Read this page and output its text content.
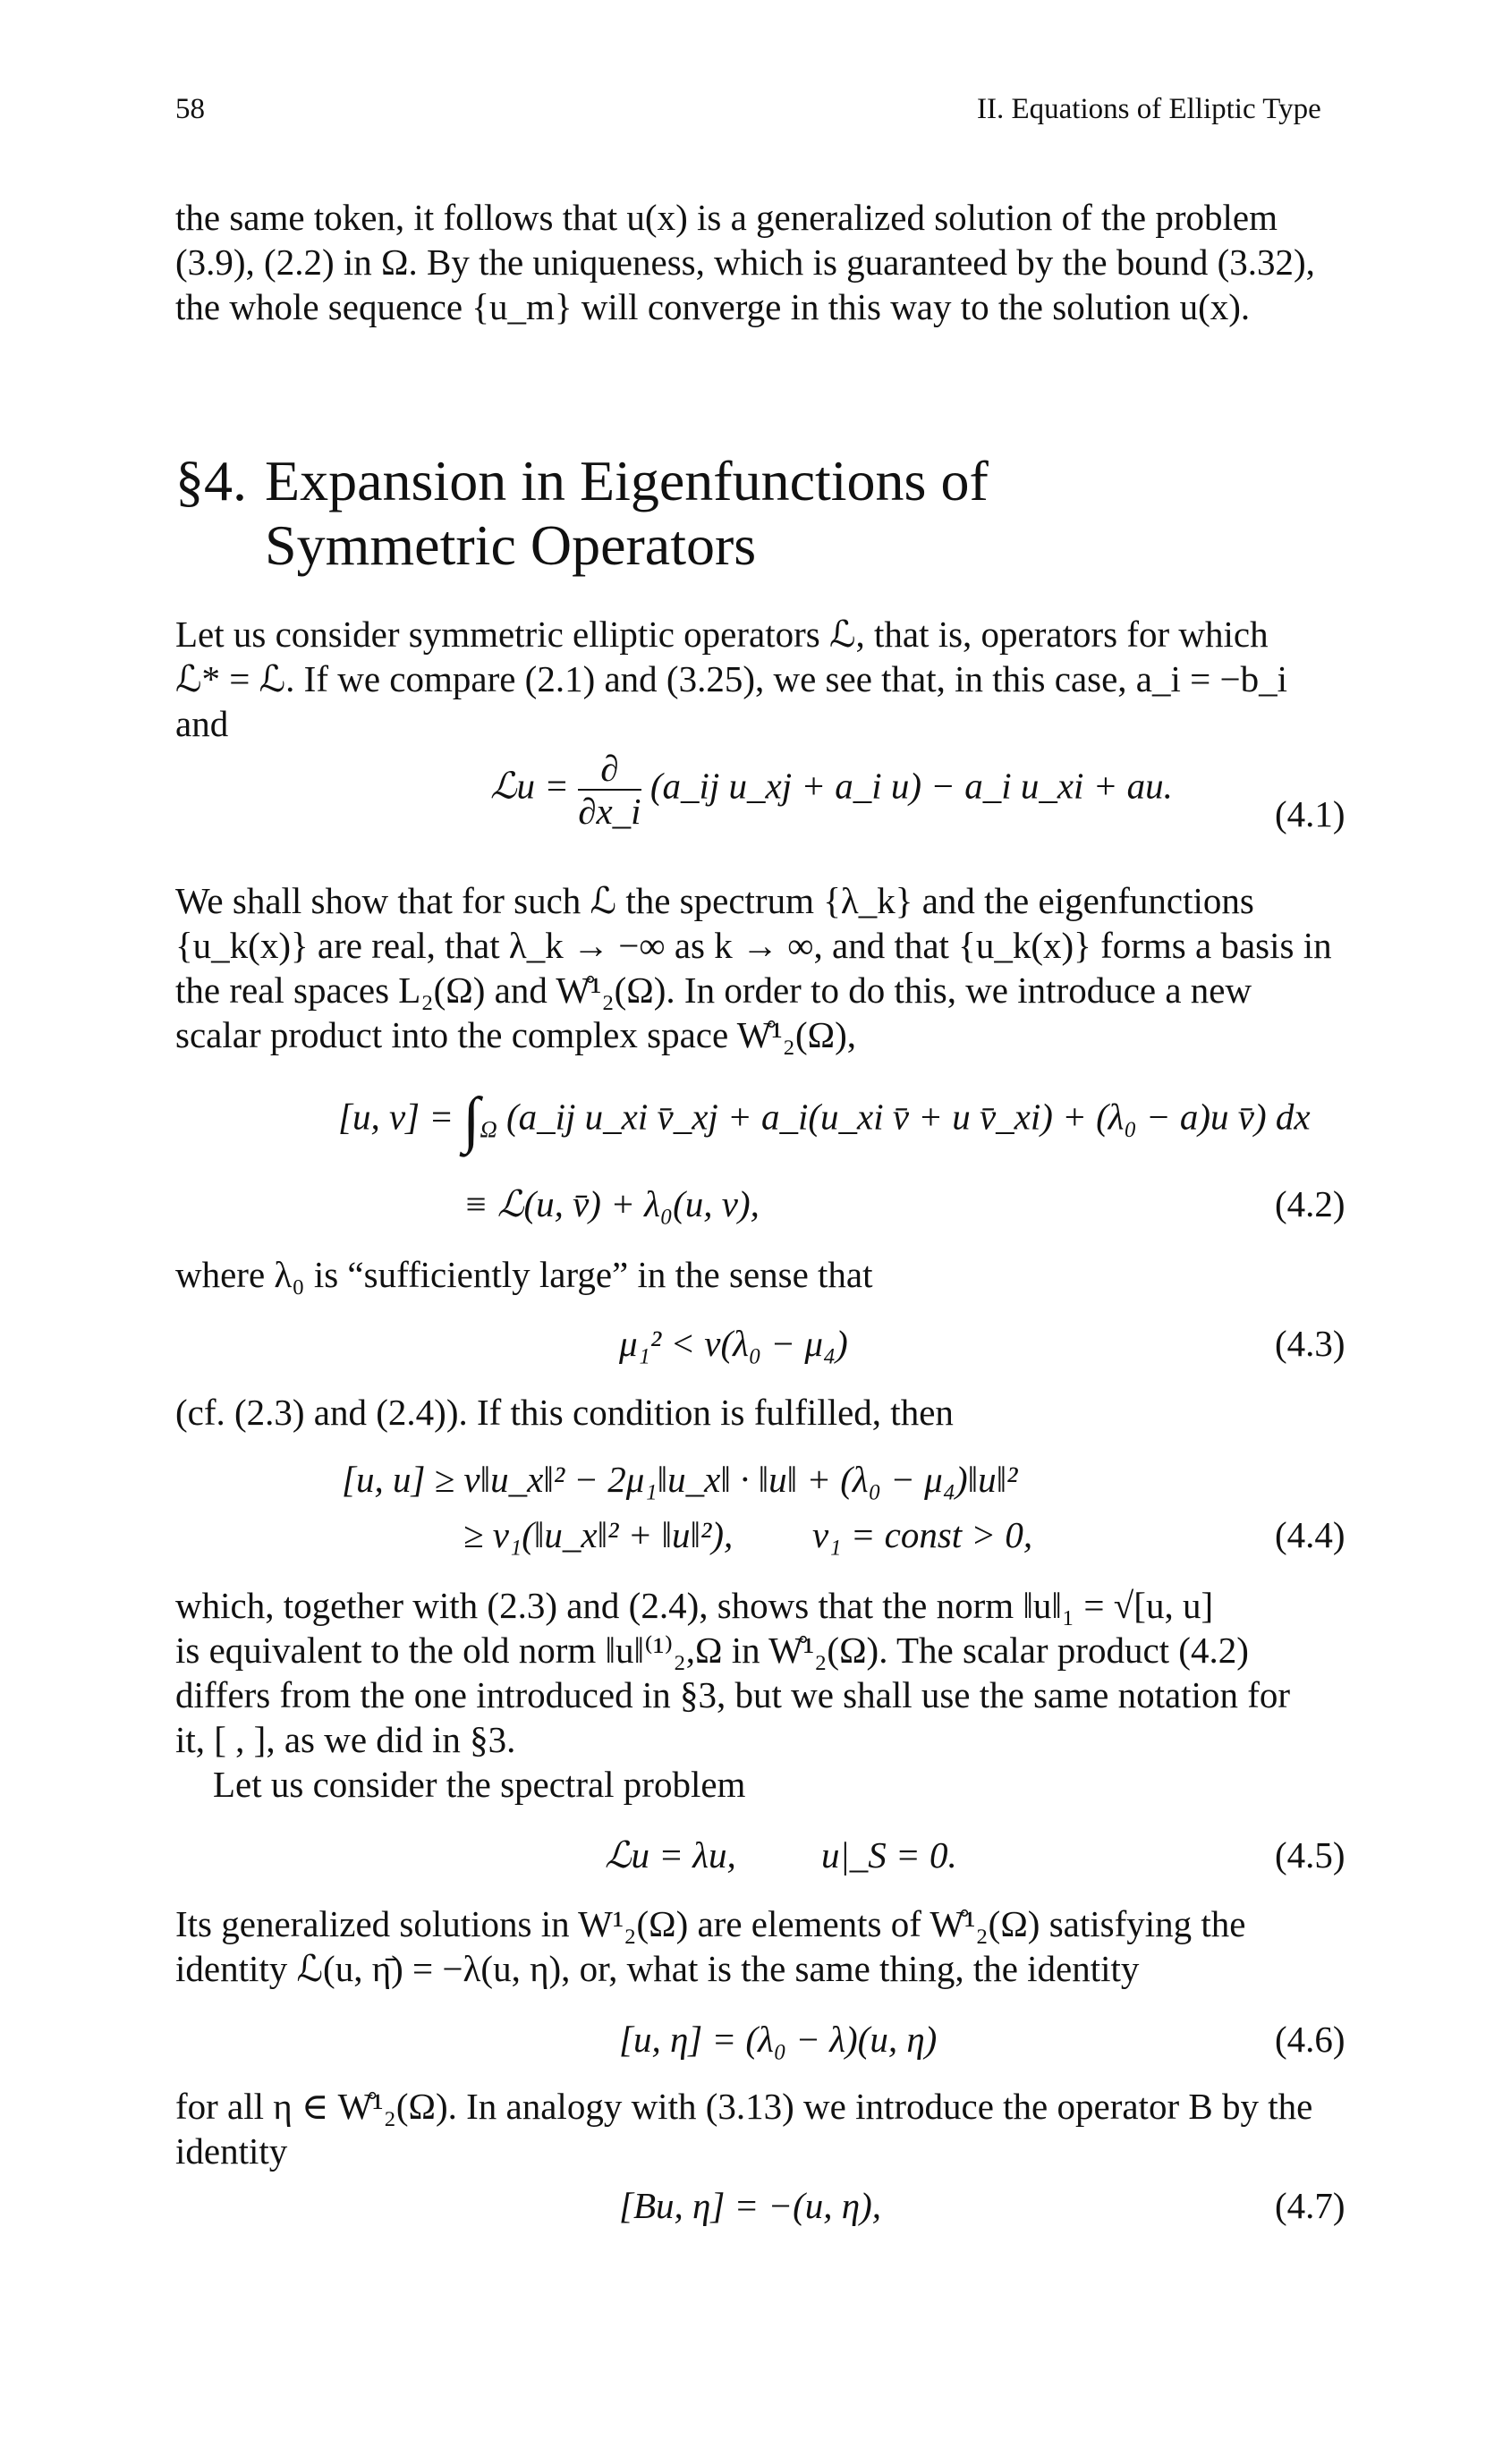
58	II. Equations of Elliptic Type
the same token, it follows that u(x) is a generalized solution of the problem
(3.9), (2.2) in Ω. By the uniqueness, which is guaranteed by the bound (3.32),
the whole sequence {u_m} will converge in this way to the solution u(x).
§4. Expansion in Eigenfunctions of
Symmetric Operators
Let us consider symmetric elliptic operators ℒ, that is, operators for which
ℒ* = ℒ. If we compare (2.1) and (3.25), we see that, in this case, a_i = −b_i
and
ℒu = $\frac{\partial}{\partial x\_i}$ (a_ij u_xj + a_i u) − a_i u_xi + au.
(4.1)
We shall show that for such ℒ the spectrum {λ_k} and the eigenfunctions
{u_k(x)} are real, that λ_k → −∞ as k → ∞, and that {u_k(x)} forms a basis in
the real spaces L₂(Ω) and W̊¹₂(Ω). In order to do this, we introduce a new
scalar product into the complex space W̊¹₂(Ω),
[u, $v] = \int_\Omega$ (a_ij u_xi v̄_xj + a_i(u_xi v̄ + u v̄_xi) + (λ₀ − a)u v̄) dx
≡ ℒ(u, v̄) + λ₀(u, v),	(4.2)
where λ₀ is “sufficiently large” in the sense that
μ₁² < ν(λ₀ − μ₄)	(4.3)
(cf. (2.3) and (2.4)). If this condition is fulfilled, then
[u, u] ≥ ν‖u_x‖² − 2μ₁‖u_x‖ · ‖u‖ + (λ₀ − μ₄)‖u‖²
≥ ν₁(‖u_x‖² + ‖u‖²), ν₁ = const > 0,	(4.4)
which, together with (2.3) and (2.4), shows that the norm ‖u‖₁ = √[u, u]
is equivalent to the old norm ‖u‖⁽¹⁾₂,Ω in W̊¹₂(Ω). The scalar product (4.2)
differs from the one introduced in §3, but we shall use the same notation for
it, [ , ], as we did in §3.
Let us consider the spectral problem
ℒu = λu, u|_S = 0.	(4.5)
Its generalized solutions in W¹₂(Ω) are elements of W̊¹₂(Ω) satisfying the
identity ℒ(u, η̄) = −λ(u, η), or, what is the same thing, the identity
[u, η] = (λ₀ − λ)(u, η)	(4.6)
for all η ∈ W̊¹₂(Ω). In analogy with (3.13) we introduce the operator B by the
identity
[Bu, η] = −(u, η),	(4.7)
